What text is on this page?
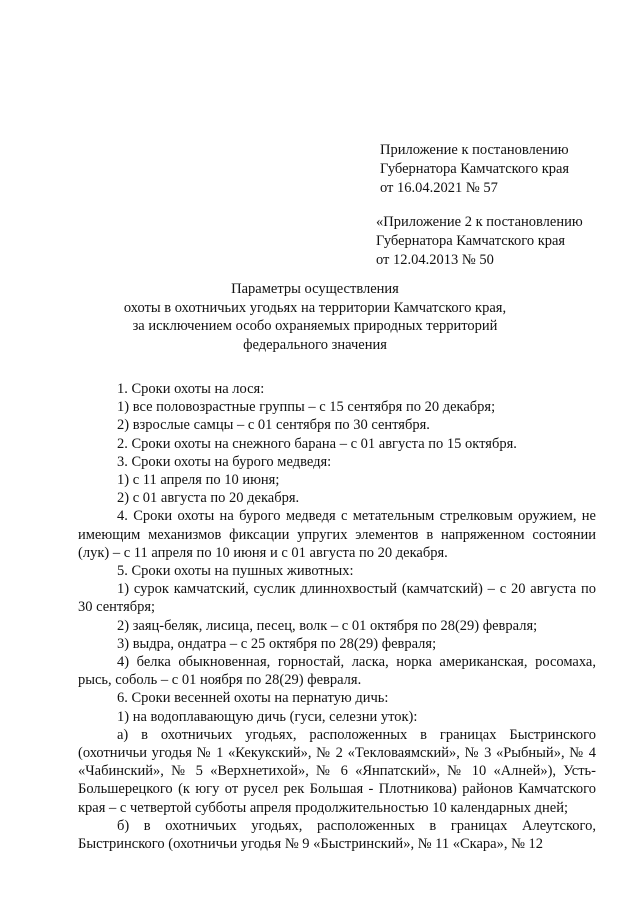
Приложение к постановлению
Губернатора Камчатского края
от 16.04.2021 № 57
«Приложение 2 к постановлению
Губернатора Камчатского края
от 12.04.2013 № 50
Параметры осуществления
охоты в охотничьих угодьях на территории Камчатского края,
за исключением особо охраняемых природных территорий
федерального значения

1. Сроки охоты на лося:

1) все половозрастные группы – с 15 сентября по 20 декабря;

2) взрослые самцы – с 01 сентября по 30 сентября.

2. Сроки охоты на снежного барана – с 01 августа по 15 октября.

3. Сроки охоты на бурого медведя:

1) с 11 апреля по 10 июня;

2) с 01 августа по 20 декабря.

4. Сроки охоты на бурого медведя с метательным стрелковым оружием, не имеющим механизмов фиксации упругих элементов в напряженном состоянии (лук) – с 11 апреля по 10 июня и с 01 августа по 20 декабря.

5. Сроки охоты на пушных животных:

1) сурок камчатский, суслик длиннохвостый (камчатский) – с 20 августа по 30 сентября;

2) заяц-беляк, лисица, песец, волк – с 01 октября по 28(29) февраля;

3) выдра, ондатра – с 25 октября по 28(29) февраля;

4) белка обыкновенная, горностай, ласка, норка американская, росомаха, рысь, соболь – с 01 ноября по 28(29) февраля.

6. Сроки весенней охоты на пернатую дичь:

1) на водоплавающую дичь (гуси, селезни уток):

а) в охотничьих угодьях, расположенных в границах Быстринского (охотничьи угодья № 1 «Кекукский», № 2 «Текловаямский», № 3 «Рыбный», № 4 «Чабинский», № 5 «Верхнетихой», № 6 «Янпатский», № 10 «Алней»), Усть-Большерецкого (к югу от русел рек Большая - Плотникова) районов Камчатского края – с четвертой субботы апреля продолжительностью 10 календарных дней;

б) в охотничьих угодьях, расположенных в границах Алеутского, Быстринского (охотничьи угодья № 9 «Быстринский», № 11 «Скара», № 12
